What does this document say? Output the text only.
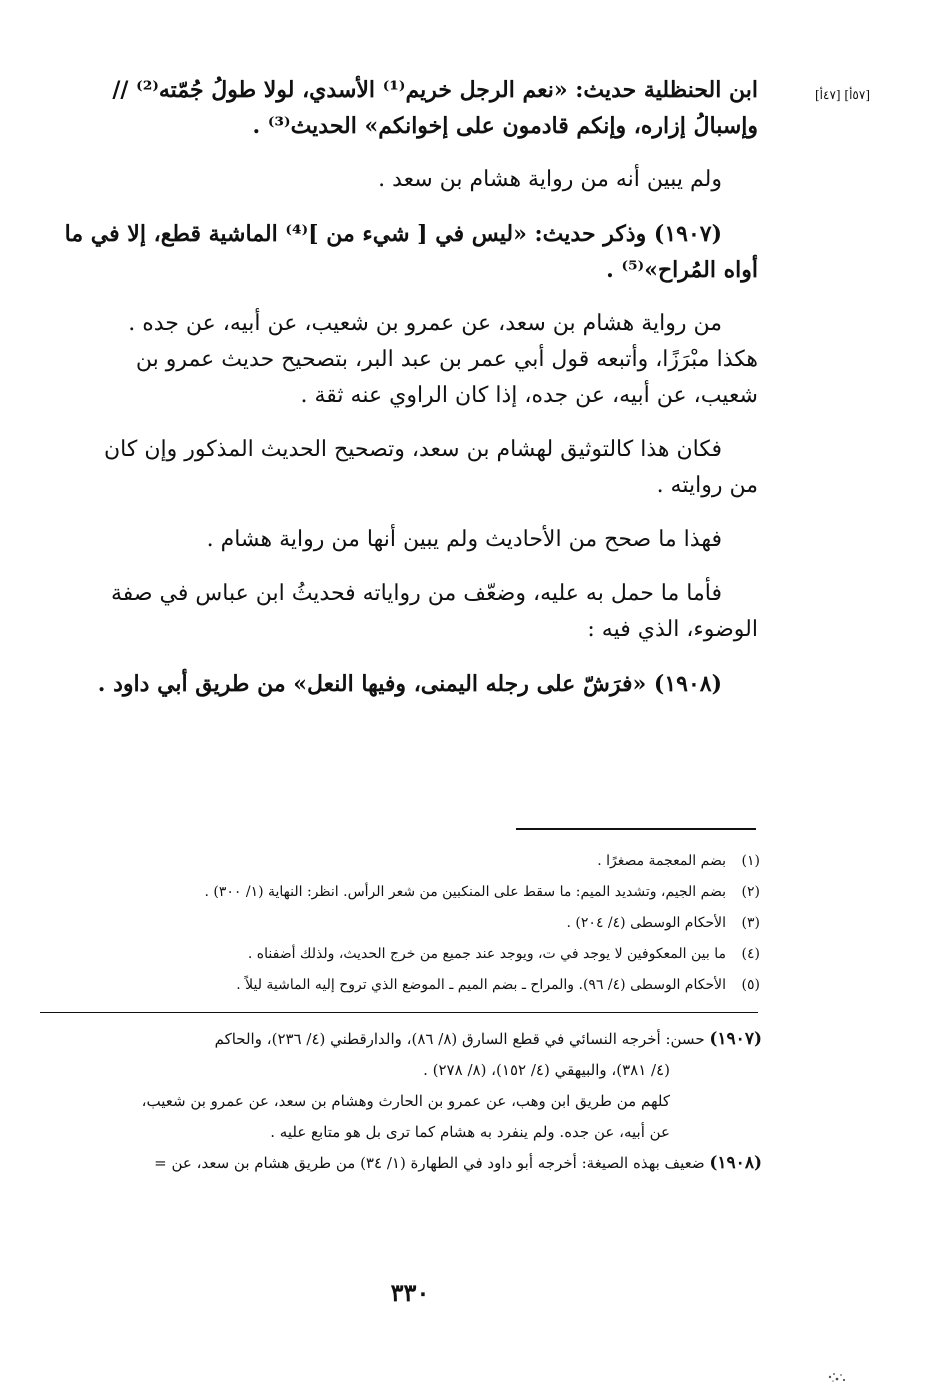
[٥٧أ] [٤٧أ]

ابن الحنظلية حديث: «نعم الرجل خريم⁽¹⁾ الأسدي، لولا طولُ جُمّته⁽²⁾ //

وإسبالُ إزاره، وإنكم قادمون على إخوانكم» الحديث⁽³⁾ .

ولم يبين أنه من رواية هشام بن سعد .

(١٩٠٧) وذكر حديث: «ليس في [ شيء من ]⁽⁴⁾ الماشية قطع، إلا في ما

أواه المُراح»⁽⁵⁾ .

من رواية هشام بن سعد، عن عمرو بن شعيب، عن أبيه، عن جده .

هكذا مبْرَزًا، وأتبعه قول أبي عمر بن عبد البر، بتصحيح حديث عمرو بن

شعيب، عن أبيه، عن جده، إذا كان الراوي عنه ثقة .

فكان هذا كالتوثيق لهشام بن سعد، وتصحيح الحديث المذكور وإن كان

من روايته .

فهذا ما صحح من الأحاديث ولم يبين أنها من رواية هشام .

فأما ما حمل به عليه، وضعّف من رواياته فحديثُ ابن عباس في صفة

الوضوء، الذي فيه :

(١٩٠٨) «فرَشّ على رجله اليمنى، وفيها النعل» من طريق أبي داود .

(١)بضم المعجمة مصغرًا .

(٢)بضم الجيم، وتشديد الميم: ما سقط على المنكبين من شعر الرأس. انظر: النهاية (١/ ٣٠٠) .

(٣)الأحكام الوسطى (٤/ ٢٠٤) .

(٤)ما بين المعكوفين لا يوجد في ت، ويوجد عند جميع من خرج الحديث، ولذلك أضفناه .

(٥)الأحكام الوسطى (٤/ ٩٦). والمراح ـ بضم الميم ـ الموضع الذي تروح إليه الماشية ليلاً .

(١٩٠٧) حسن: أخرجه النسائي في قطع السارق (٨/ ٨٦)، والدارقطني (٤/ ٢٣٦)، والحاكم

(٤/ ٣٨١)، والبيهقي (٤/ ١٥٢)، (٨/ ٢٧٨) .

كلهم من طريق ابن وهب، عن عمرو بن الحارث وهشام بن سعد، عن عمرو بن شعيب،

عن أبيه، عن جده. ولم ينفرد به هشام كما ترى بل هو متابع عليه .

(١٩٠٨) ضعيف بهذه الصيغة: أخرجه أبو داود في الطهارة (١/ ٣٤) من طريق هشام بن سعد، عن =

٣٣٠
